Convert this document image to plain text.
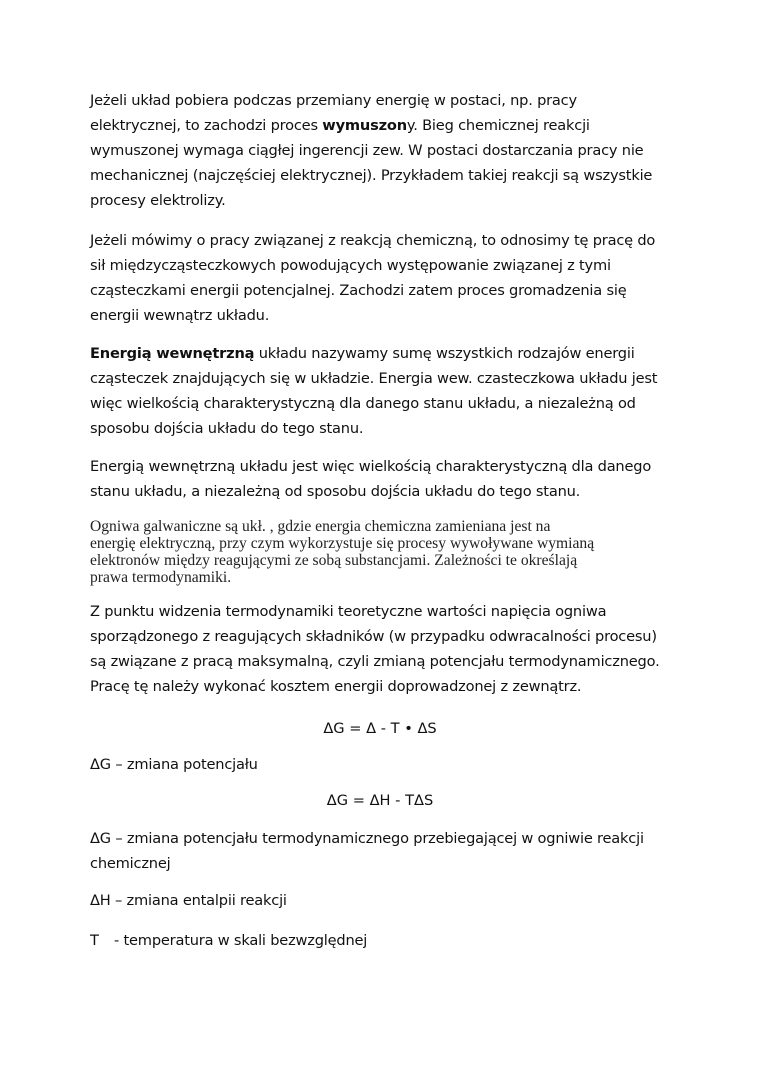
Jeżeli układ pobiera podczas przemiany energię w postaci, np. pracy
elektrycznej, to zachodzi proces wymuszony. Bieg chemicznej reakcji
wymuszonej wymaga ciągłej ingerencji zew. W postaci dostarczania pracy nie
mechanicznej (najczęściej elektrycznej). Przykładem takiej reakcji są wszystkie
procesy elektrolizy.

Jeżeli mówimy o pracy związanej z reakcją chemiczną, to odnosimy tę pracę do
sił międzycząsteczkowych powodujących występowanie związanej z tymi
cząsteczkami energii potencjalnej. Zachodzi zatem proces gromadzenia się
energii wewnątrz układu.

Energią wewnętrzną układu nazywamy sumę wszystkich rodzajów energii
cząsteczek znajdujących się w układzie. Energia wew. czasteczkowa układu jest
więc wielkością charakterystyczną dla danego stanu układu, a niezależną od
sposobu dojścia układu do tego stanu.

Energią wewnętrzną układu jest więc wielkością charakterystyczną dla danego
stanu układu, a niezależną od sposobu dojścia układu do tego stanu.

Ogniwa galwaniczne są ukł. , gdzie energia chemiczna zamieniana jest na
energię elektryczną, przy czym wykorzystuje się procesy wywoływane wymianą
elektronów między reagującymi ze sobą substancjami. Zależności te określają
prawa termodynamiki.

Z punktu widzenia termodynamiki teoretyczne wartości napięcia ogniwa
sporządzonego z reagujących składników (w przypadku odwracalności procesu)
są związane z pracą maksymalną, czyli zmianą potencjału termodynamicznego.
Pracę tę należy wykonać kosztem energii doprowadzonej z zewnątrz.

ΔG = Δ - T • ΔS

ΔG – zmiana potencjału

ΔG = ΔH - TΔS

ΔG – zmiana potencjału termodynamicznego przebiegającej w ogniwie reakcji
chemicznej

ΔH – zmiana entalpii reakcji

T - temperatura w skali bezwzględnej
